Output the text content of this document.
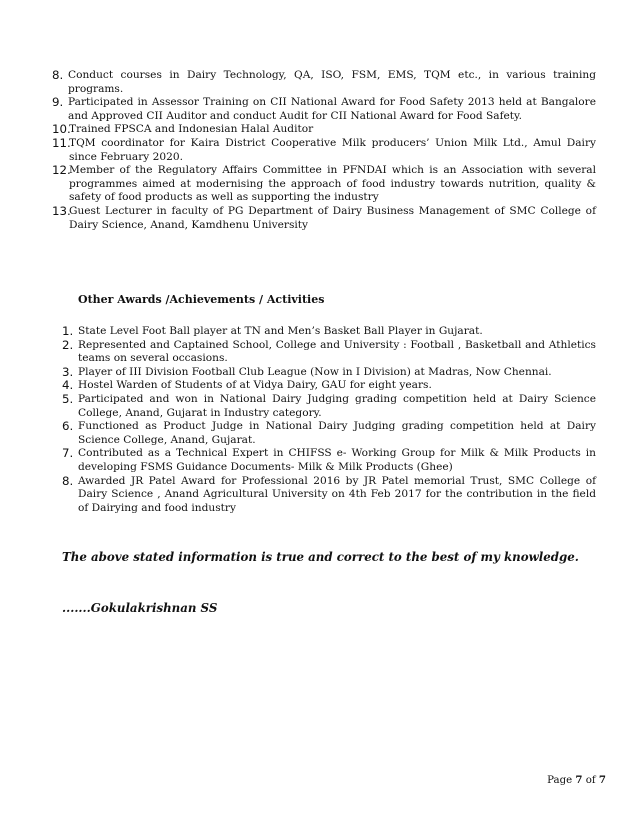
8. Conduct courses in Dairy Technology, QA, ISO, FSM, EMS, TQM etc., in various training programs.
9. Participated in Assessor Training on CII National Award for Food Safety 2013 held at Bangalore and Approved CII Auditor and conduct Audit for CII National Award for Food Safety.
10.
Trained FPSCA and Indonesian Halal Auditor
11.
TQM coordinator for Kaira District Cooperative Milk producers’ Union Milk Ltd., Amul Dairy since February 2020.
12.
Member of the Regulatory Affairs Committee in PFNDAI which is an Association with several programmes aimed at modernising the approach of food industry towards nutrition, quality & safety of food products as well as supporting the industry
13.
Guest Lecturer in faculty of PG Department of Dairy Business Management of SMC College of Dairy Science, Anand, Kamdhenu University
Other Awards /Achievements / Activities
1. State Level Foot Ball player at TN and Men’s Basket Ball Player in Gujarat.
2. Represented and Captained School, College and University : Football , Basketball and Athletics teams on several occasions.
3. Player of III Division Football Club League (Now in I Division) at Madras, Now Chennai.
4. Hostel Warden of Students of at Vidya Dairy, GAU for eight years.
5. Participated and won in National Dairy Judging grading competition held at Dairy Science College, Anand, Gujarat in Industry category.
6. Functioned as Product Judge in National Dairy Judging grading competition held at Dairy Science College, Anand, Gujarat.
7. Contributed as a Technical Expert in CHIFSS e- Working Group for Milk & Milk Products in developing FSMS Guidance Documents- Milk & Milk Products (Ghee)
8. Awarded JR Patel Award for Professional 2016 by JR Patel memorial Trust, SMC College of Dairy Science , Anand Agricultural University on 4th Feb 2017 for the contribution in the field of Dairying and food industry
The above stated information is true and correct to the best of my knowledge.
.......Gokulakrishnan SS
Page 7 of 7
